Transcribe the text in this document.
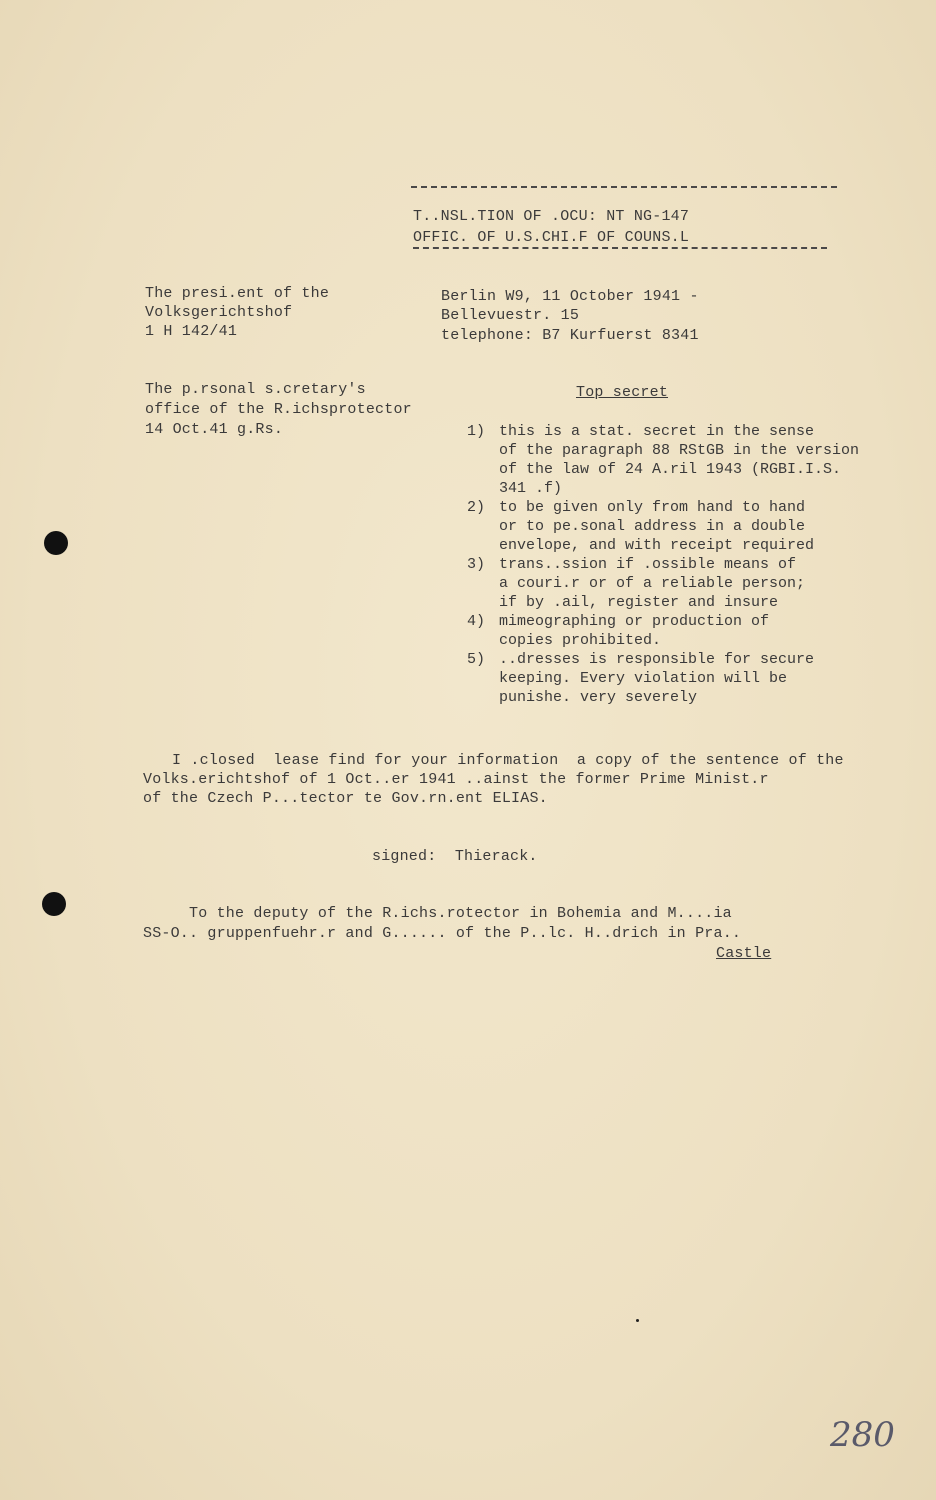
T..NSL.TION OF .OCU: NT NG-147
OFFIC. OF U.S.CHI.F OF COUNS.L
The presi.ent of the
Volksgerichtshof
1 H 142/41
Berlin W9, 11 October 1941 -
Bellevuestr. 15
telephone: B7 Kurfuerst 8341
The p.rsonal s.cretary's
office of the R.ichsprotector
14 Oct.41 g.Rs.
Top secret
1) this is a stat. secret in the sense
of the paragraph 88 RStGB in the version
of the law of 24 A.ril 1943 (RGBI.I.S.
341 .f)
2) to be given only from hand to hand
or to pe.sonal address in a double
envelope, and with receipt required
3) trans..ssion if .ossible means of
a couri.r or of a reliable person;
if by .ail, register and insure
4) mimeographing or production of
copies prohibited.
5) ..dresses is responsible for secure
keeping. Every violation will be
punishe. very severely
I .closed  lease find for your information  a copy of the sentence of the
Volks.erichtshof of 1 Oct..er 1941 ..ainst the former Prime Minist.r
of the Czech P...tector te Gov.rn.ent ELIAS.
signed:  Thierack.
To the deputy of the R.ichs.rotector in Bohemia and M....ia
SS-O.. gruppenfuehr.r and G...... of the P..lc. H..drich in Pra..
Castle
280
